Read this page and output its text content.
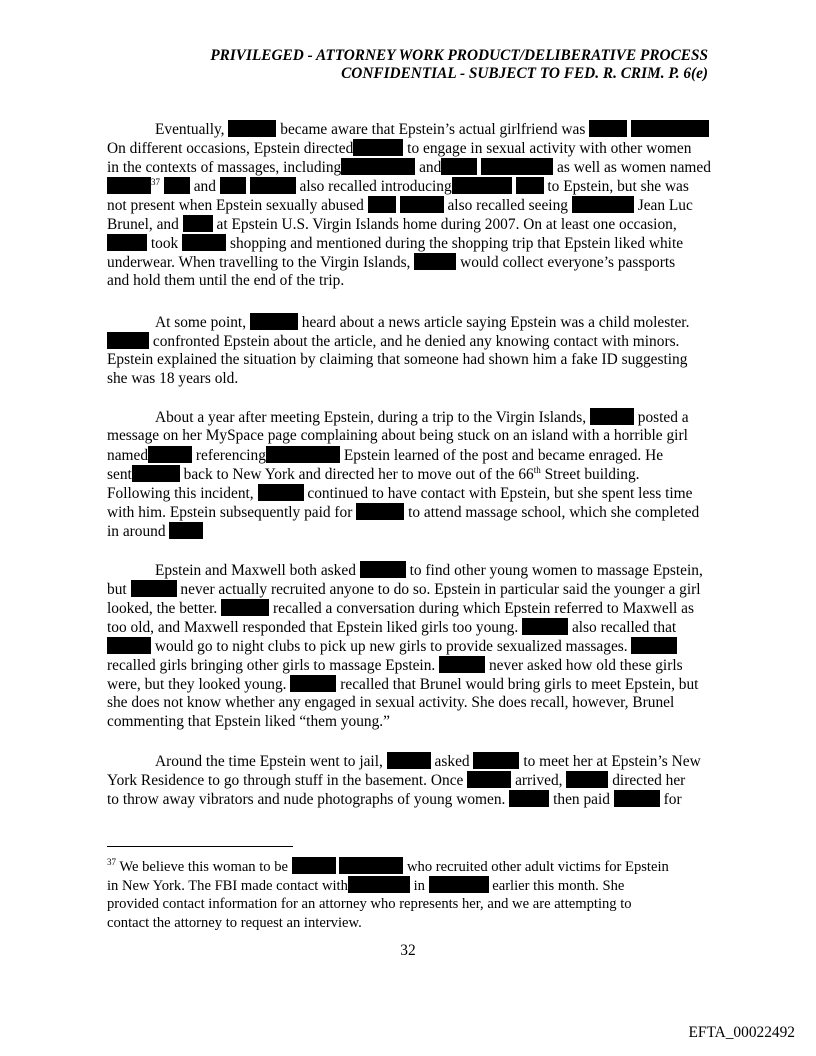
PRIVILEGED - ATTORNEY WORK PRODUCT/DELIBERATIVE PROCESS
CONFIDENTIAL - SUBJECT TO FED. R. CRIM. P. 6(e)
Eventually,	became aware that Epstein’s actual girlfriend was
On different occasions, Epstein directed	to engage in sexual activity with other women
in the contexts of massages, including	and	as well as women named
$^{37}$ and	also recalled introducing	to Epstein, but she was
not present when Epstein sexually abused	also recalled seeing	Jean Luc
Brunel, and at Epstein U.S. Virgin Islands home during 2007. On at least one occasion,
took	shopping and mentioned during the shopping trip that Epstein liked white
underwear. When travelling to the Virgin Islands,	would collect everyone’s passports
and hold them until the end of the trip.
At some point,	heard about a news article saying Epstein was a child molester.
confronted Epstein about the article, and he denied any knowing contact with minors.
Epstein explained the situation by claiming that someone had shown him a fake ID suggesting
she was 18 years old.
About a year after meeting Epstein, during a trip to the Virgin Islands,	posted a
message on her MySpace page complaining about being stuck on an island with a horrible girl
named	referencing	Epstein learned of the post and became enraged. He
sent	back to New York and directed her to move out of the 66th Street building.
Following this incident,	continued to have contact with Epstein, but she spent less time
with him. Epstein subsequently paid for	to attend massage school, which she completed
in around
Epstein and Maxwell both asked	to find other young women to massage Epstein,
but	never actually recruited anyone to do so. Epstein in particular said the younger a girl
looked, the better.	recalled a conversation during which Epstein referred to Maxwell as
too old, and Maxwell responded that Epstein liked girls too young.	also recalled that
would go to night clubs to pick up new girls to provide sexualized massages.
recalled girls bringing other girls to massage Epstein.	never asked how old these girls
were, but they looked young.	recalled that Brunel would bring girls to meet Epstein, but
she does not know whether any engaged in sexual activity. She does recall, however, Brunel
commenting that Epstein liked “them young.”
Around the time Epstein went to jail,	asked	to meet her at Epstein’s New
York Residence to go through stuff in the basement. Once	arrived,	directed her
to throw away vibrators and nude photographs of young women.	then paid	for
$^{37}$ We believe this woman to be	who recruited other adult victims for Epstein
in New York. The FBI made contact with	in	earlier this month. She
provided contact information for an attorney who represents her, and we are attempting to
contact the attorney to request an interview.
32
EFTA_00022492
